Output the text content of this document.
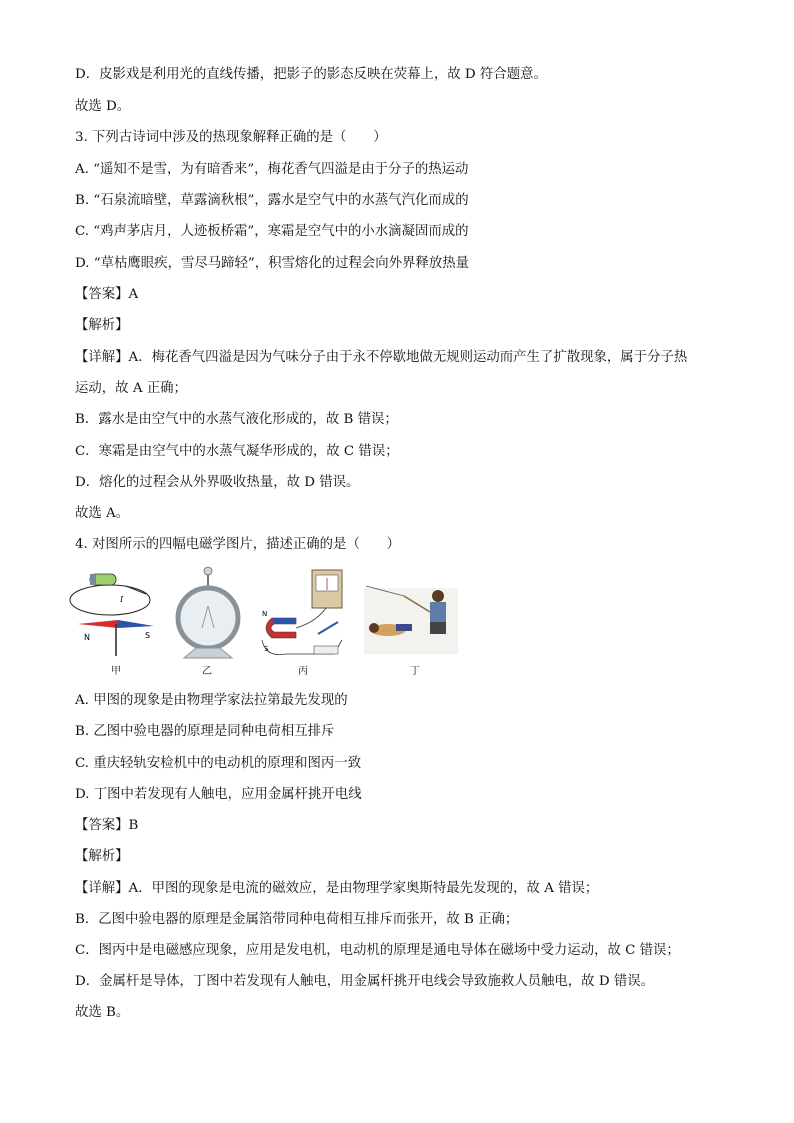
D．皮影戏是利用光的直线传播，把影子的影态反映在荧幕上，故 D 符合题意。
故选 D。
3. 下列古诗词中涉及的热现象解释正确的是（　　）
A. “遥知不是雪，为有暗香来”，梅花香气四溢是由于分子的热运动
B. “石泉流暗壁，草露滴秋根”，露水是空气中的水蒸气汽化而成的
C. “鸡声茅店月，人迹板桥霜”，寒霜是空气中的小水滴凝固而成的
D. “草枯鹰眼疾，雪尽马蹄轻”，积雪熔化的过程会向外界释放热量
【答案】A
【解析】
【详解】A．梅花香气四溢是因为气味分子由于永不停歇地做无规则运动而产生了扩散现象，属于分子热
运动，故 A 正确；
B．露水是由空气中的水蒸气液化形成的，故 B 错误；
C．寒霜是由空气中的水蒸气凝华形成的，故 C 错误；
D．熔化的过程会从外界吸收热量，故 D 错误。
故选 A。
4. 对图所示的四幅电磁学图片，描述正确的是（　　）
I
N	S
甲	乙
N
S
丙	丁
A. 甲图的现象是由物理学家法拉第最先发现的
B. 乙图中验电器的原理是同种电荷相互排斥
C. 重庆轻轨安检机中的电动机的原理和图丙一致
D. 丁图中若发现有人触电，应用金属杆挑开电线
【答案】B
【解析】
【详解】A．甲图的现象是电流的磁效应，是由物理学家奥斯特最先发现的，故 A 错误；
B．乙图中验电器的原理是金属箔带同种电荷相互排斥而张开，故 B 正确；
C．图丙中是电磁感应现象，应用是发电机，电动机的原理是通电导体在磁场中受力运动，故 C 错误；
D．金属杆是导体，丁图中若发现有人触电，用金属杆挑开电线会导致施救人员触电，故 D 错误。
故选 B。
